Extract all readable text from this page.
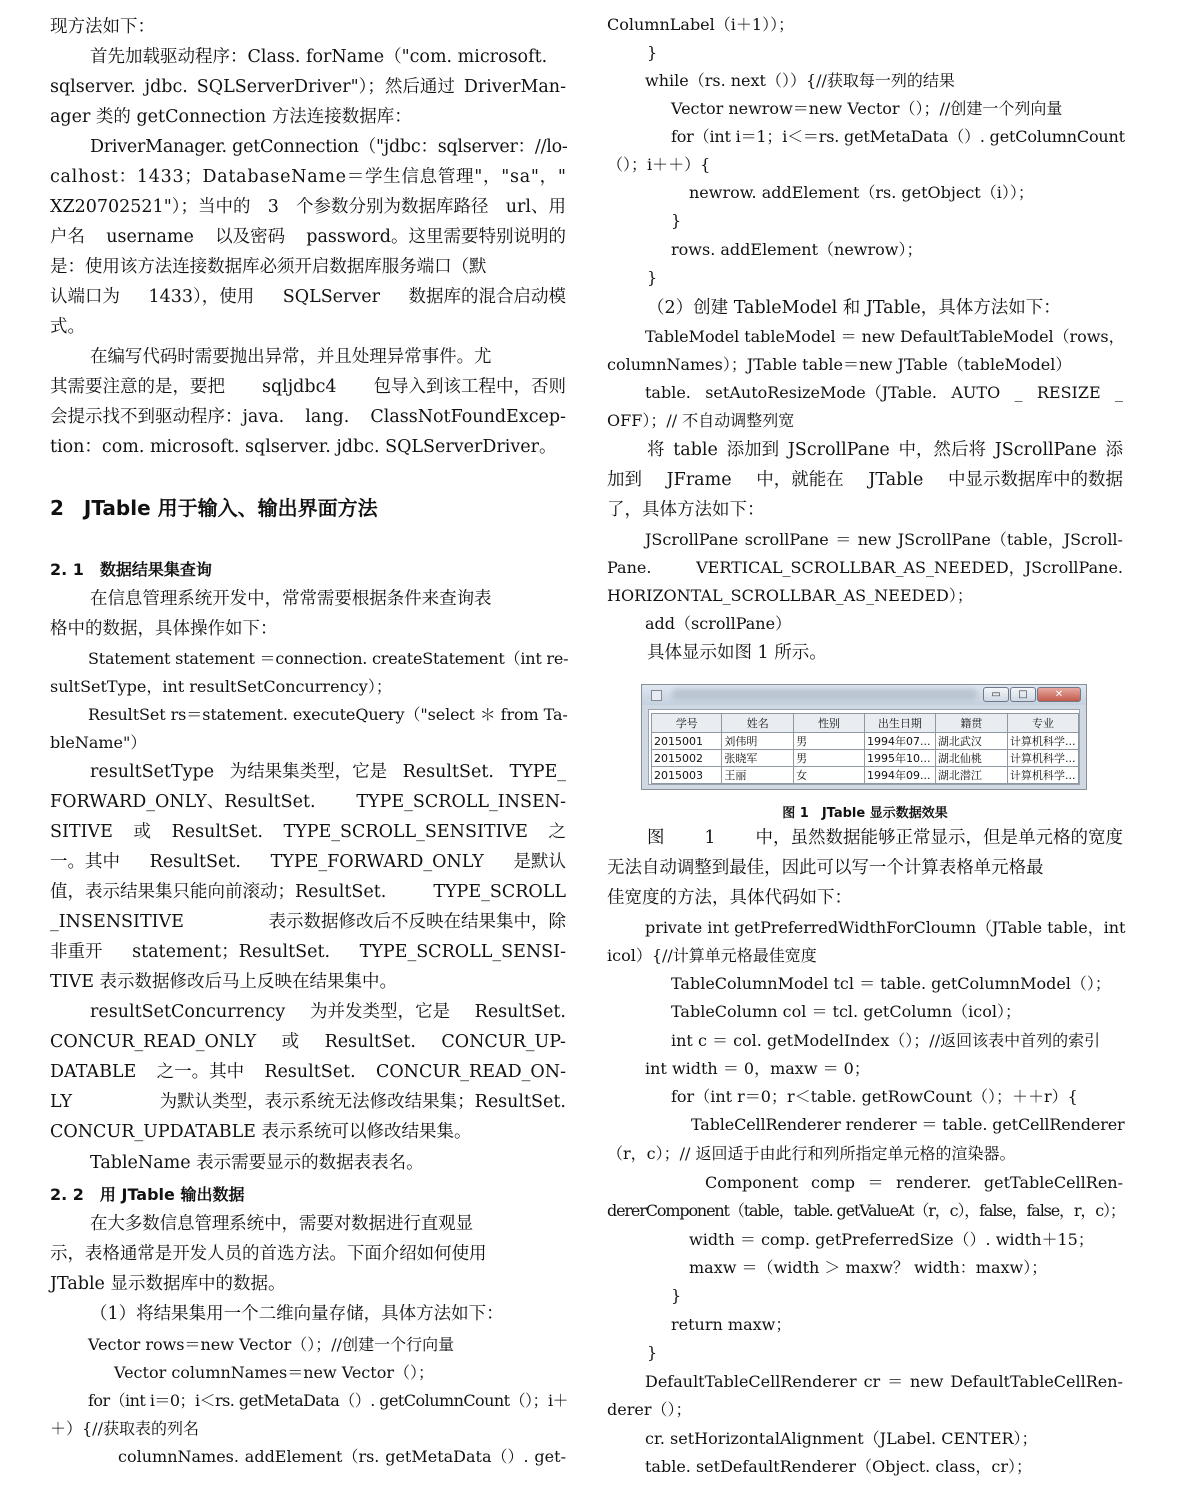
现方法如下：
首先加载驱动程序：Class. forName（"com. microsoft.
sqlserver. jdbc. SQLServerDriver"）；然后通过 DriverMan-
ager 类的 getConnection 方法连接数据库：
DriverManager. getConnection（"jdbc：sqlserver：//lo-
calhost：1433；DatabaseName＝学生信息管理"，"sa"，"
XZ20702521"）；当中的 3 个参数分别为数据库路径 url、用
户名 username 以及密码 password。这里需要特别说明的
是：使用该方法连接数据库必须开启数据库服务端口（默
认端口为 1433），使用 SQLServer 数据库的混合启动模
式。
在编写代码时需要抛出异常，并且处理异常事件。尤
其需要注意的是，要把 sqljdbc4 包导入到该工程中，否则
会提示找不到驱动程序：java. lang. ClassNotFoundExcep-
tion：com. microsoft. sqlserver. jdbc. SQLServerDriver。
2　JTable 用于输入、输出界面方法
2. 1　数据结果集查询
在信息管理系统开发中，常常需要根据条件来查询表
格中的数据，具体操作如下：
Statement statement ＝connection. createStatement（int re-
sultSetType，int resultSetConcurrency）；
ResultSet rs＝statement. executeQuery（"select ＊ from Ta-
bleName"）
resultSetType 为结果集类型，它是 ResultSet. TYPE_
FORWARD_ONLY、ResultSet. TYPE_SCROLL_INSEN-
SITIVE 或 ResultSet. TYPE_SCROLL_SENSITIVE 之
一。其中 ResultSet. TYPE_FORWARD_ONLY 是默认
值，表示结果集只能向前滚动；ResultSet.	TYPE_SCROLL
_INSENSITIVE	表示数据修改后不反映在结果集中，除
非重开 statement；ResultSet. TYPE_SCROLL_SENSI-
TIVE 表示数据修改后马上反映在结果集中。
resultSetConcurrency 为并发类型，它是 ResultSet.
CONCUR_READ_ONLY 或 ResultSet. CONCUR_UP-
DATABLE 之一。其中 ResultSet. CONCUR_READ_ON-
LY	为默认类型，表示系统无法修改结果集；ResultSet.
CONCUR_UPDATABLE 表示系统可以修改结果集。
TableName 表示需要显示的数据表表名。
2. 2　用 JTable 输出数据
在大多数信息管理系统中，需要对数据进行直观显
示，表格通常是开发人员的首选方法。下面介绍如何使用
JTable 显示数据库中的数据。
（1）将结果集用一个二维向量存储，具体方法如下：
Vector rows＝new Vector（）；//创建一个行向量
Vector columnNames＝new Vector（）；
for（int i＝0；i＜rs. getMetaData（）. getColumnCount（）；i＋
＋）{//获取表的列名
columnNames. addElement（rs. getMetaData（）. get-
ColumnLabel（i＋1））；
}
while（rs. next（））{//获取每一列的结果
Vector newrow＝new Vector（）；//创建一个列向量
for（int i＝1；i＜＝rs. getMetaData（）. getColumnCount
（）；i＋＋）{
newrow. addElement（rs. getObject（i））；
}
rows. addElement（newrow）；
}
（2）创建 TableModel 和 JTable，具体方法如下：
TableModel tableModel ＝ new DefaultTableModel（rows，
columnNames）；JTable table＝new JTable（tableModel）
table. setAutoResizeMode（JTable. AUTO _ RESIZE _
OFF）；// 不自动调整列宽
将 table 添加到 JScrollPane 中，然后将 JScrollPane 添
加到 JFrame 中，就能在 JTable 中显示数据库中的数据
了，具体方法如下：
JScrollPane scrollPane ＝ new JScrollPane（table，JScroll-
Pane.	VERTICAL_SCROLLBAR_AS_NEEDED，JScrollPane.
HORIZONTAL_SCROLLBAR_AS_NEEDED）；
add（scrollPane）
具体显示如图 1 所示。
图 1　JTable 显示数据效果
图 1 中，虽然数据能够正常显示，但是单元格的宽度
无法自动调整到最佳，因此可以写一个计算表格单元格最
佳宽度的方法，具体代码如下：
private int getPreferredWidthForCloumn（JTable table，int
icol）{//计算单元格最佳宽度
TableColumnModel tcl ＝ table. getColumnModel（）；
TableColumn col ＝ tcl. getColumn（icol）；
int c ＝ col. getModelIndex（）；//返回该表中首列的索引
int width ＝ 0，maxw ＝ 0；
for（int r＝0；r＜table. getRowCount（）；＋＋r）{
TableCellRenderer renderer ＝ table. getCellRenderer
（r，c）；// 返回适于由此行和列所指定单元格的渲染器。
Component comp ＝ renderer. getTableCellRen-
dererComponent（table，table. getValueAt（r，c），false，false，r，c）；
width ＝ comp. getPreferredSize（）. width＋15；
maxw ＝（width ＞ maxw？ width：maxw）；
}
return maxw；
}
DefaultTableCellRenderer cr ＝ new DefaultTableCellRen-
derer（）；
cr. setHorizontalAlignment（JLabel. CENTER）；
table. setDefaultRenderer（Object. class，cr）；
▭	□	✕
学号	姓名	性别	出生日期	籍贯	专业
2015001	刘伟明	男	1994年07...	湖北武汉	计算机科学...
2015002	张晓军	男	1995年10...	湖北仙桃	计算机科学...
2015003	王丽	女	1994年09...	湖北潜江	计算机科学...
